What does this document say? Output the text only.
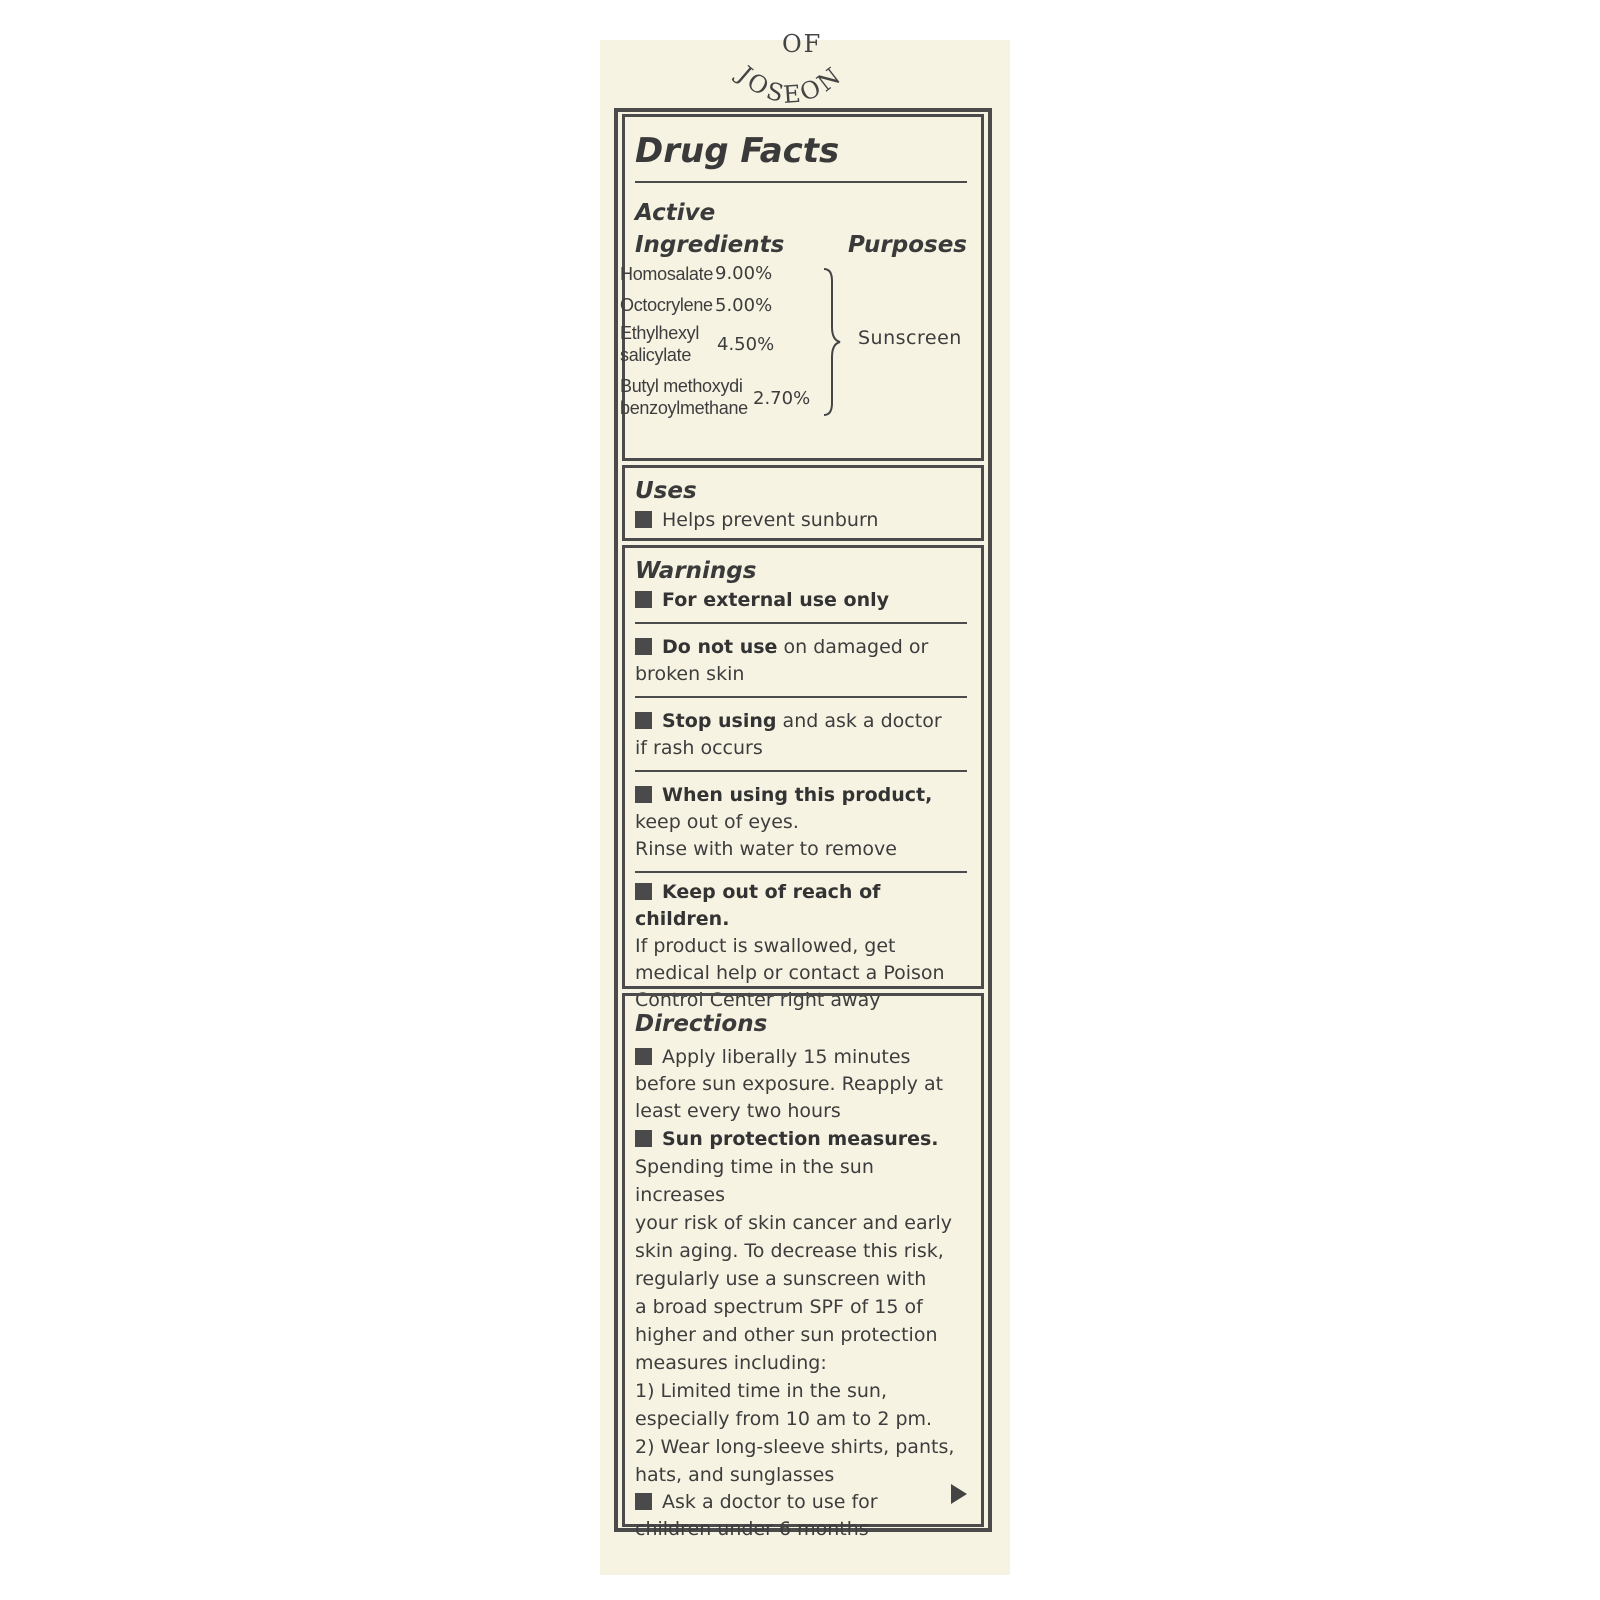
OF
JOSEON
Drug Facts
Active
Ingredients	Purposes
Homosalate 9.00%
Octocrylene 5.00%
Ethylhexyl
salicylate	4.50%
Butyl methoxydi
benzoylmethane 2.70%
Sunscreen
Uses
Helps prevent sunburn
Warnings
For external use only
Do not use on damaged or
broken skin
Stop using and ask a doctor
if rash occurs
When using this product,
keep out of eyes.
Rinse with water to remove
Keep out of reach of children.
If product is swallowed, get
medical help or contact a Poison
Control Center right away
Directions
Apply liberally 15 minutes
before sun exposure. Reapply at
least every two hours
Sun protection measures.
Spending time in the sun increases
your risk of skin cancer and early
skin aging. To decrease this risk,
regularly use a sunscreen with
a broad spectrum SPF of 15 of
higher and other sun protection
measures including:
1) Limited time in the sun,
especially from 10 am to 2 pm.
2) Wear long-sleeve shirts, pants,
hats, and sunglasses
Ask a doctor to use for
children under 6 months
